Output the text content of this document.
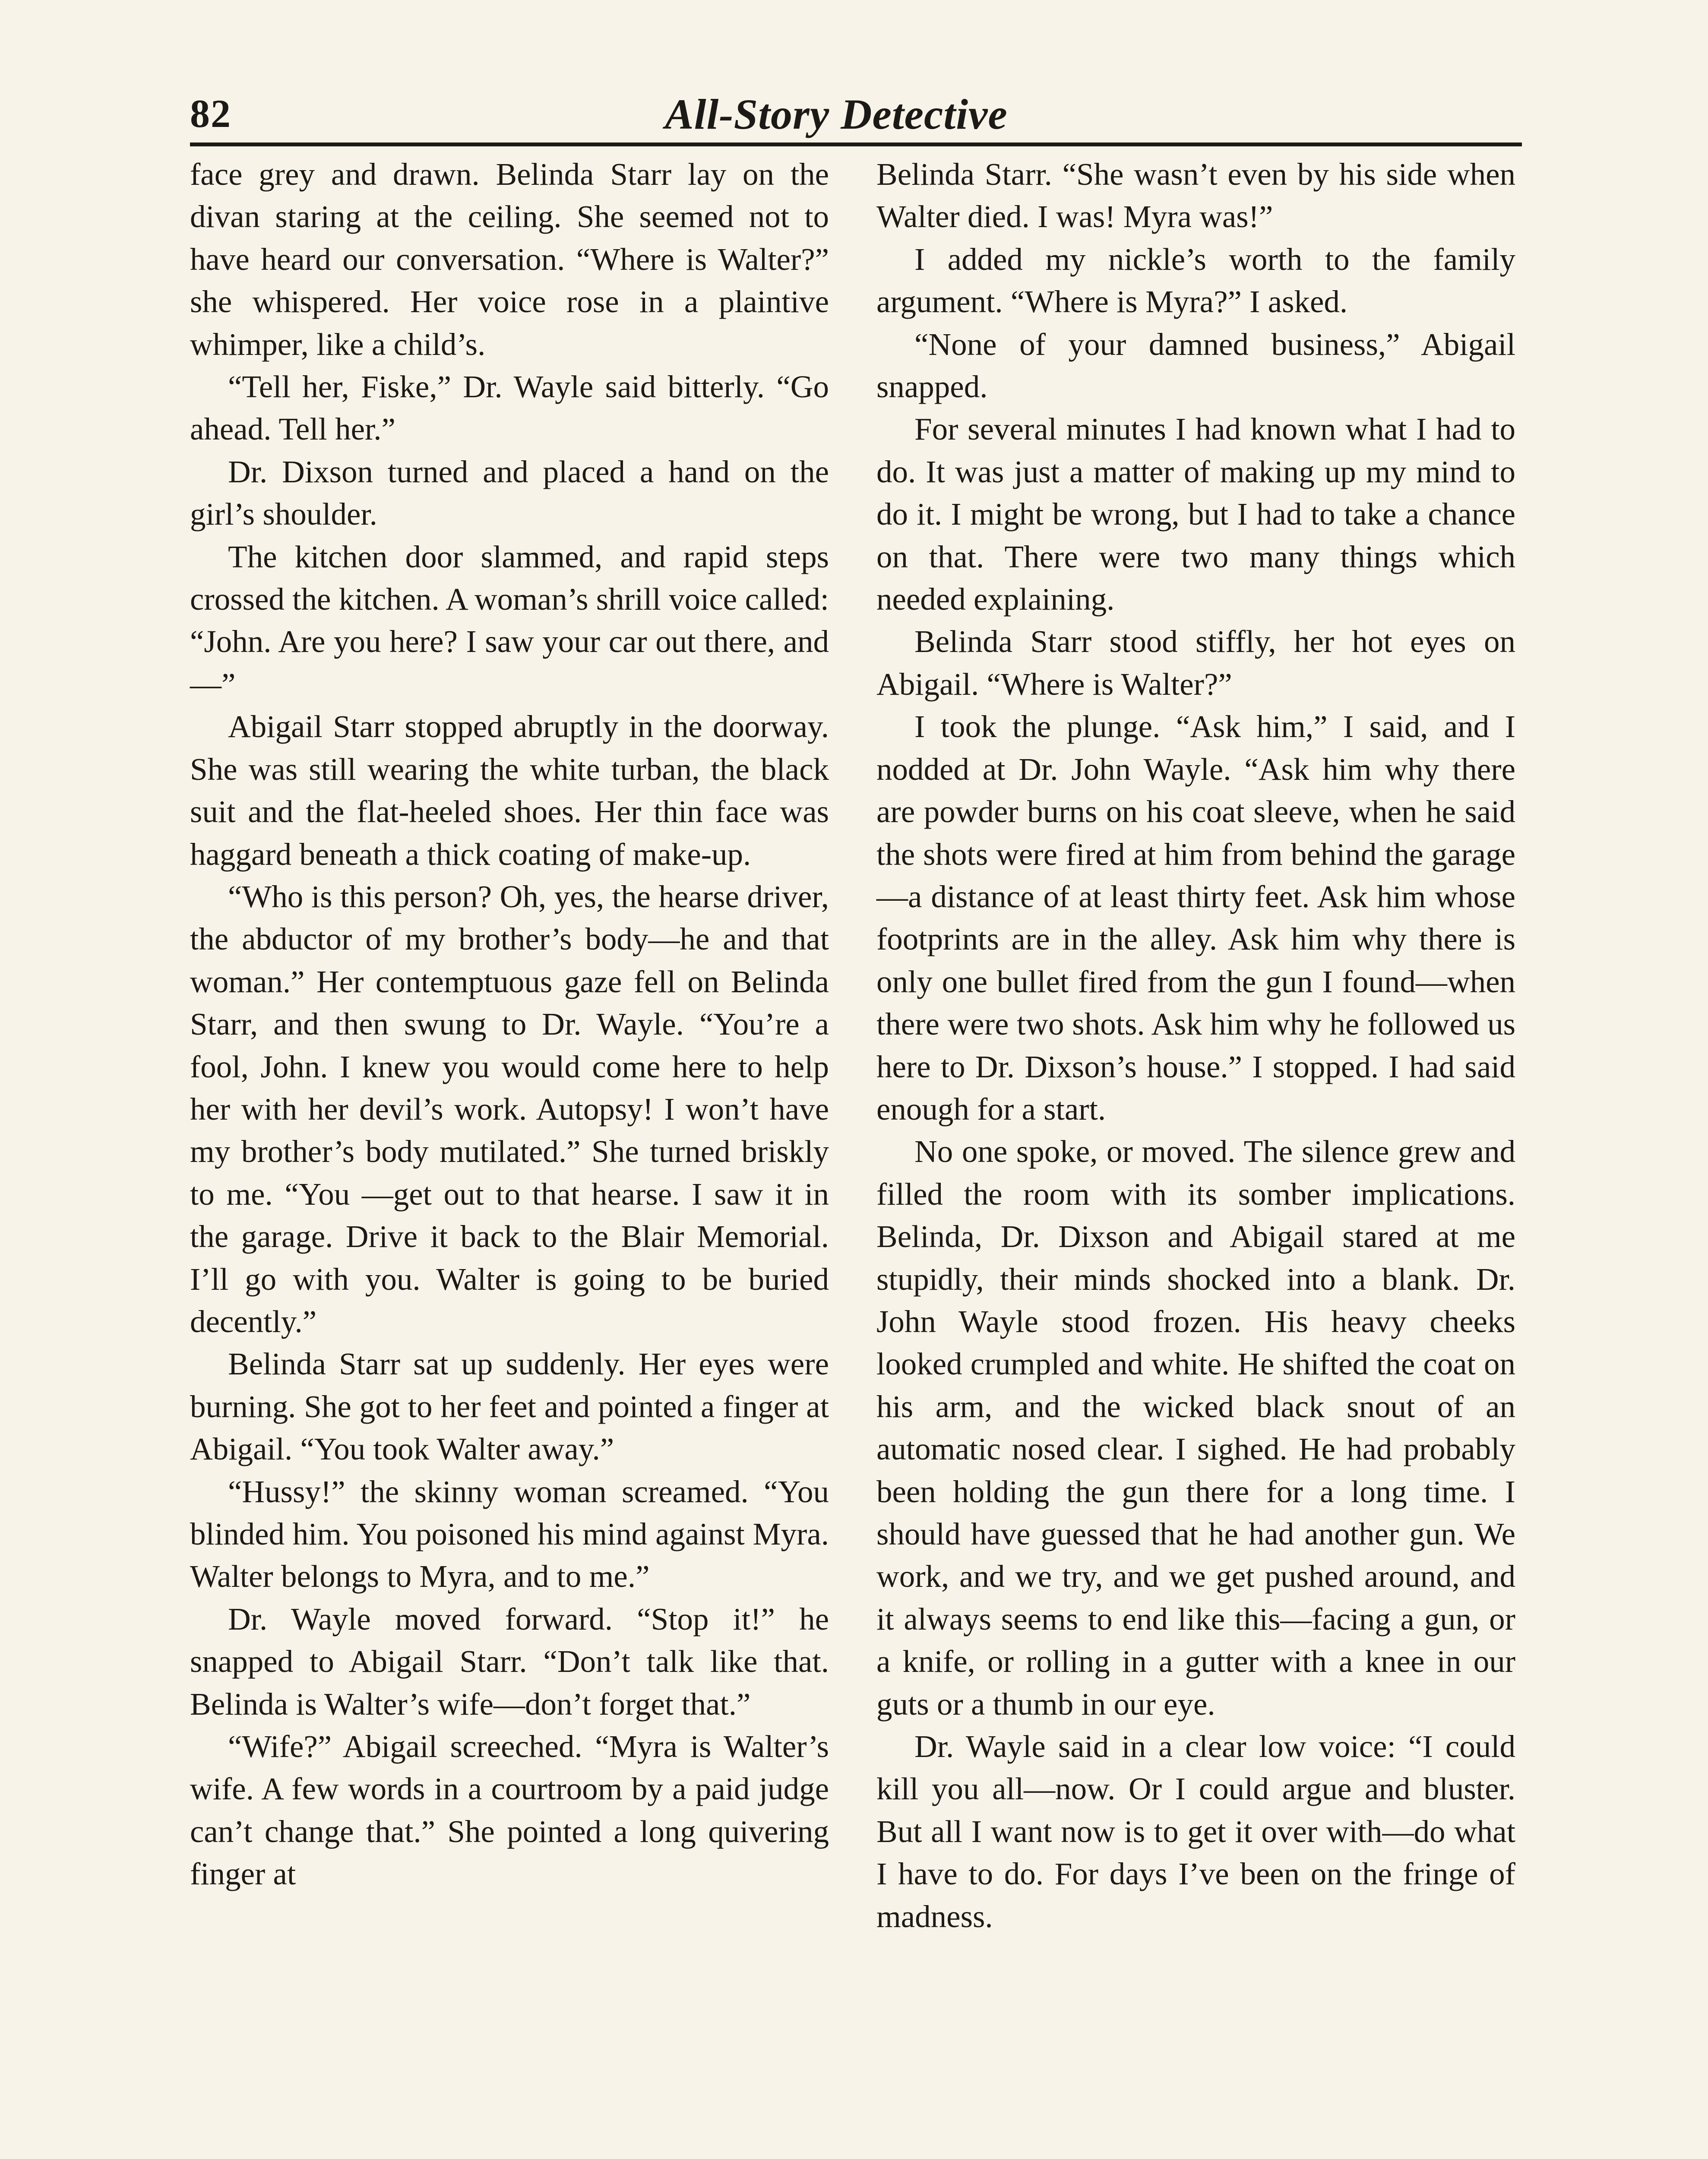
82	All-Story Detective

face grey and drawn. Belinda Starr lay on the divan staring at the ceiling. She seemed not to have heard our conversation. “Where is Walter?” she whispered. Her voice rose in a plaintive whimper, like a child’s.

“Tell her, Fiske,” Dr. Wayle said bitterly. “Go ahead. Tell her.”

Dr. Dixson turned and placed a hand on the girl’s shoulder.

The kitchen door slammed, and rapid steps crossed the kitchen. A woman’s shrill voice called: “John. Are you here? I saw your car out there, and—”

Abigail Starr stopped abruptly in the doorway. She was still wearing the white turban, the black suit and the flat-heeled shoes. Her thin face was haggard beneath a thick coating of make-up.

“Who is this person? Oh, yes, the hearse driver, the abductor of my brother’s body—he and that woman.” Her contemptuous gaze fell on Belinda Starr, and then swung to Dr. Wayle. “You’re a fool, John. I knew you would come here to help her with her devil’s work. Autopsy! I won’t have my brother’s body mutilated.” She turned briskly to me. “You —get out to that hearse. I saw it in the garage. Drive it back to the Blair Memorial. I’ll go with you. Walter is going to be buried decently.”

Belinda Starr sat up suddenly. Her eyes were burning. She got to her feet and pointed a finger at Abigail. “You took Walter away.”

“Hussy!” the skinny woman screamed. “You blinded him. You poisoned his mind against Myra. Walter belongs to Myra, and to me.”

Dr. Wayle moved forward. “Stop it!” he snapped to Abigail Starr. “Don’t talk like that. Belinda is Walter’s wife—don’t forget that.”

“Wife?” Abigail screeched. “Myra is Walter’s wife. A few words in a courtroom by a paid judge can’t change that.” She pointed a long quivering finger at

Belinda Starr. “She wasn’t even by his side when Walter died. I was! Myra was!”

I added my nickle’s worth to the family argument. “Where is Myra?” I asked.

“None of your damned business,” Abigail snapped.

For several minutes I had known what I had to do. It was just a matter of making up my mind to do it. I might be wrong, but I had to take a chance on that. There were two many things which needed explaining.

Belinda Starr stood stiffly, her hot eyes on Abigail. “Where is Walter?”

I took the plunge. “Ask him,” I said, and I nodded at Dr. John Wayle. “Ask him why there are powder burns on his coat sleeve, when he said the shots were fired at him from behind the garage—a distance of at least thirty feet. Ask him whose footprints are in the alley. Ask him why there is only one bullet fired from the gun I found—when there were two shots. Ask him why he followed us here to Dr. Dixson’s house.” I stopped. I had said enough for a start.

No one spoke, or moved. The silence grew and filled the room with its somber implications. Belinda, Dr. Dixson and Abigail stared at me stupidly, their minds shocked into a blank. Dr. John Wayle stood frozen. His heavy cheeks looked crumpled and white. He shifted the coat on his arm, and the wicked black snout of an automatic nosed clear. I sighed. He had probably been holding the gun there for a long time. I should have guessed that he had another gun. We work, and we try, and we get pushed around, and it always seems to end like this—facing a gun, or a knife, or rolling in a gutter with a knee in our guts or a thumb in our eye.

Dr. Wayle said in a clear low voice: “I could kill you all—now. Or I could argue and bluster. But all I want now is to get it over with—do what I have to do. For days I’ve been on the fringe of madness.
